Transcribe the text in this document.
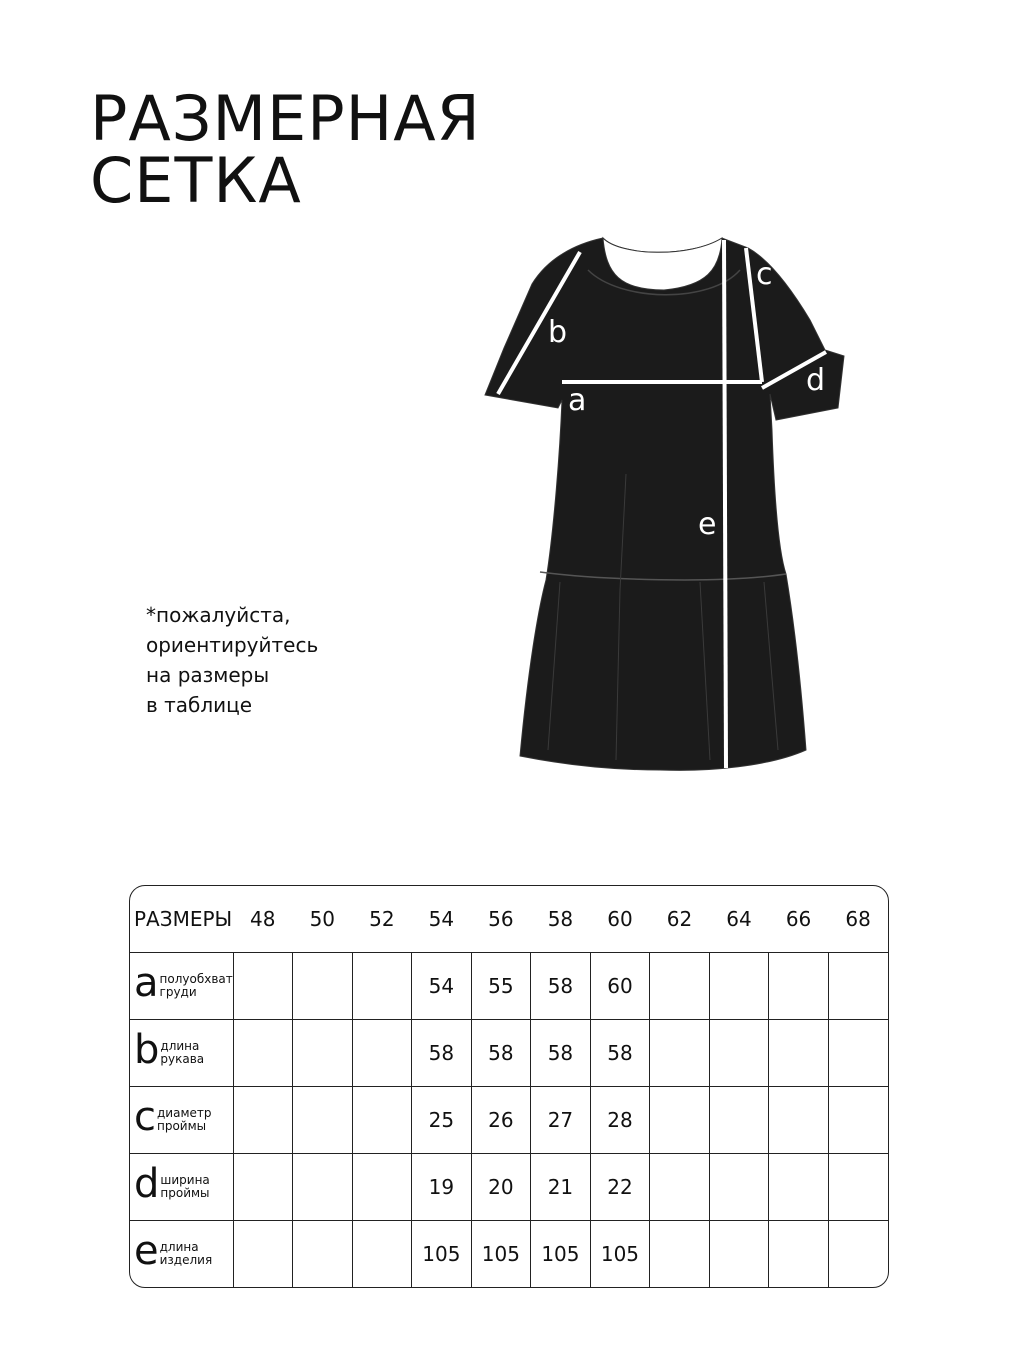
РАЗМЕРНАЯ
СЕТКА
*пожалуйста,
ориентируйтесь
на размеры
в таблице
a
b
c
d
e
РАЗМЕРЫ	48	50	52	54	56	58	60	62	64	66	68

a полуобхват
груди				54	55	58	60				

b длина
рукава				58	58	58	58				

c диаметр
проймы				25	26	27	28				

d ширина
проймы				19	20	21	22				

e длина
изделия				105	105	105	105				
